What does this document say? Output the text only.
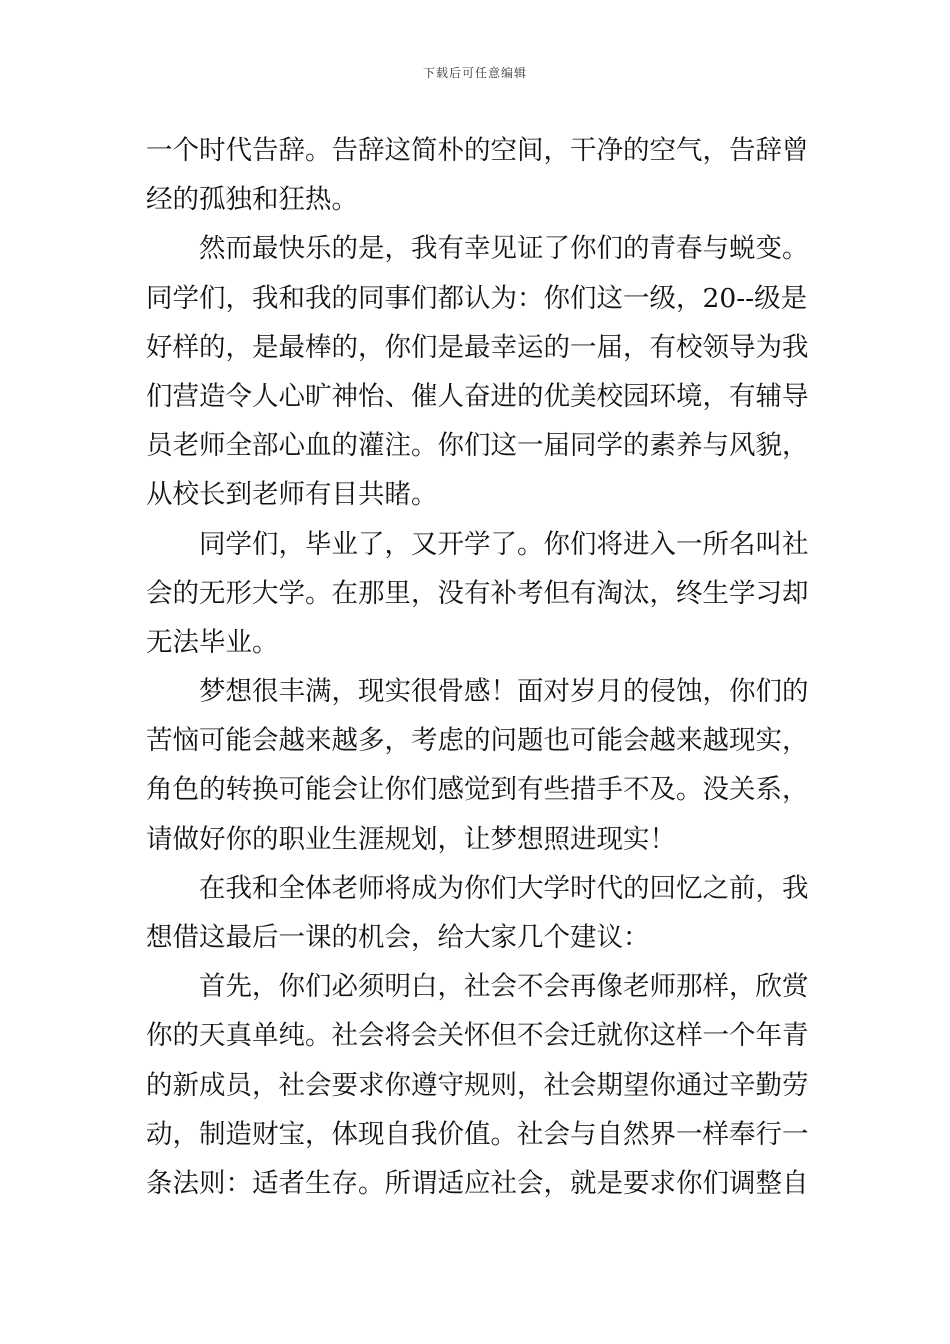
下载后可任意编辑
一个时代告辞。告辞这简朴的空间，干净的空气，告辞曾
经的孤独和狂热。
　　然而最快乐的是，我有幸见证了你们的青春与蜕变。
同学们，我和我的同事们都认为：你们这一级，20--级是
好样的，是最棒的，你们是最幸运的一届，有校领导为我
们营造令人心旷神怡、催人奋进的优美校园环境，有辅导
员老师全部心血的灌注。你们这一届同学的素养与风貌，
从校长到老师有目共睹。
　　同学们，毕业了，又开学了。你们将进入一所名叫社
会的无形大学。在那里，没有补考但有淘汰，终生学习却
无法毕业。
　　梦想很丰满，现实很骨感！面对岁月的侵蚀，你们的
苦恼可能会越来越多，考虑的问题也可能会越来越现实，
角色的转换可能会让你们感觉到有些措手不及。没关系，
请做好你的职业生涯规划，让梦想照进现实！
　　在我和全体老师将成为你们大学时代的回忆之前，我
想借这最后一课的机会，给大家几个建议：
　　首先，你们必须明白，社会不会再像老师那样，欣赏
你的天真单纯。社会将会关怀但不会迁就你这样一个年青
的新成员，社会要求你遵守规则，社会期望你通过辛勤劳
动，制造财宝，体现自我价值。社会与自然界一样奉行一
条法则：适者生存。所谓适应社会，就是要求你们调整自
